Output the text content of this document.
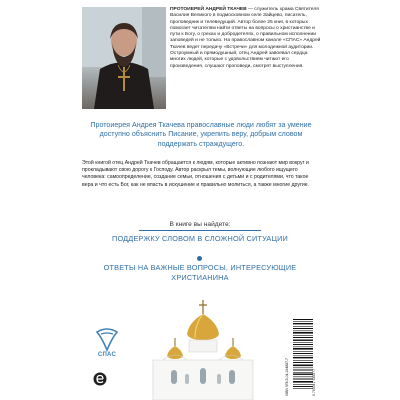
ПРОТОИЕРЕЙ АНДРЕЙ ТКАЧЕВ — служитель храма Святителя Василия Великого в подмосковном селе Зайцево, писатель, проповедник и телеведущий. Автор более 25 книг, в которых помогает читателям найти ответы на вопросы о христианстве и пути к Богу, о грехах и добродетелях, о правильном исполнении заповедей и не только. На православном канале «СПАС» Андрей Ткачев ведет передачу «Встречи» для молодежной аудитории. Остроумный и прямодушный, отец Андрей завоевал сердца многих людей, которые с удовольствием читают его произведения, слушают проповеди, смотрят выступления.
Протоиерея Андрея Ткачева православные люди любят за умение доступно объяснить Писание, укрепить веру, добрым словом поддержать страждущего.
Этой книгой отец Андрей Ткачев обращается к людям, которые активно познают мир вокруг и прокладывают свою дорогу к Господу. Автор раскрыл темы, волнующие любого ищущего человека: самоопределение, создание семьи, отношения с детьми и с родителями, что такое вера и что есть Бог, как не впасть в искушение и правильно молиться, а также многие другие.
В книге вы найдете:
ПОДДЕРЖКУ СЛОВОМ В СЛОЖНОЙ СИТУАЦИИ
ОТВЕТЫ НА ВАЖНЫЕ ВОПРОСЫ, ИНТЕРЕСУЮЩИЕ ХРИСТИАНИНА
СПАС
ISBN 978-5-04-164887-7	9 785041 648877
